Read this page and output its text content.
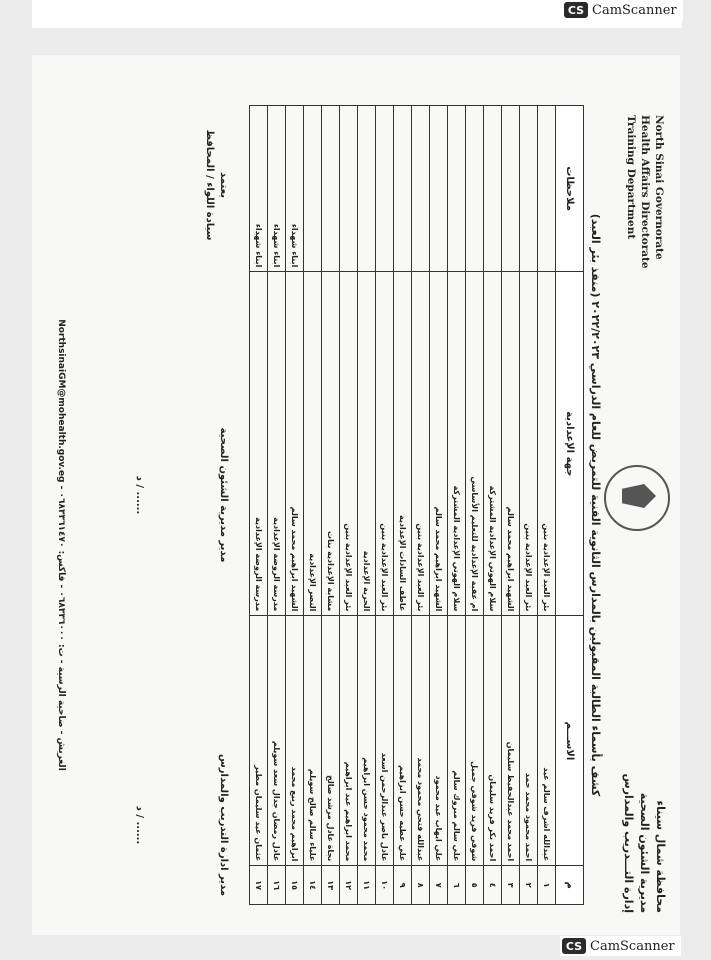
CS CamScanner
محافظة شمال سيناء
مديرية الشئون الصحية
إدارة التـــدريب والمدارس
North Sinai Governorate
Health Affairs Directorate
Training Department
كشف بأسماء الطالبة المقبولين بالمدارس الثانوية الفنية للتمريض للعام الدراسي ٢٠٢٢/٢٠٢٣ (منفذ بئر العبد)
م	الاســـم	جهة الإعدادية	ملاحظات
١	عبدالله اشرف سالم عيد	بئر العبد الإعدادية بنين	
٢	احمد محمود محمد حمد	بئر العبد الإعدادية بنين	
٣	احمد محمد عبدالحفيظ سليمان	الشهيد ابراهيم محمد سالم	
٤	احمد بكر فريد سليمان	سلام الهوتي الإعدادية المشتركة	
٥	شوقي فريد شوقي جميل	ام عقبة الإعدادية للتعليم الأساسي	
٦	علي سالم مبروك سالم	سلام الهوتي الإعدادية المشتركة	
٧	علي ايهاب عيد محمود	الشهيد ابراهيم محمد سالم	
٨	عبدالله فتحي محمود محمد	بئر العبد الإعدادية بنين	
٩	علي عطيه حسن ابراهيم	عاطف السادات الإعدادية	
١٠	عادل ناصر عبدالرحمن اسعد	بئر العبد الإعدادية بنين	
١١	محمد محمود حسن ابراهيم	الحرية الإعدادية	
١٢	محمد ابراهيم عيد ابراهيم	بئر العبد الإعدادية بنين	
١٣	نجاة عادل مرشد صالح	مشابة الإعدادية بنات	
١٤	علياء سالم صالح سويلم	النصر الإعدادية	
١٥	ابراهيم محمد ربيع محمد	الشهيد ابراهيم محمد سالم	ابناء شهداء
١٦	عادل رمضان جدال سعد سويلم	مدرسة الروضة الإعدادية	ابناء شهداء
١٧	عثمان عيد سليمان مطير	مدرسة الروضة الإعدادية	ابناء شهداء
مدير ادارة التدريب والمدارس
د / ......
مدير مديرية الشئون الصحية
د / ......
يعتمد
سيادة اللواء / المحافظ
العريش - ضاحية الرسية - ت: ٠٦٨٣٣٦٠٠٠ - فاكس: ٠٦٨٣٣٦١٤٧٠ - NorthsinaiGM@mohealth.gov.eg
CS CamScanner
